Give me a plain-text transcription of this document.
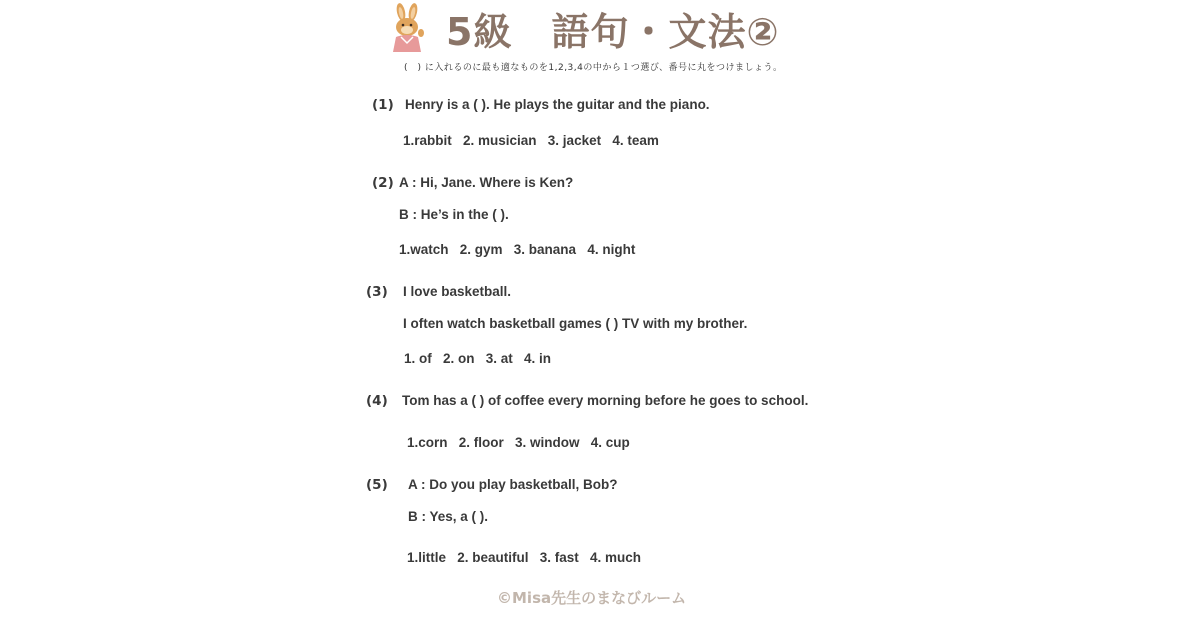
5級　語句・文法②
(　) に入れるのに最も適なものを1,2,3,4の中から１つ選び、番号に丸をつけましょう。
(1) Henry is a ( ). He plays the guitar and the piano.
1.rabbit   2. musician   3. jacket   4. team
(2) A : Hi, Jane. Where is Ken?
B : He’s in the ( ).
1.watch   2. gym   3. banana   4. night
(3) I love basketball.
I often watch basketball games ( ) TV with my brother.
1. of   2. on   3. at   4. in
(4) Tom has a ( ) of coffee every morning before he goes to school.
1.corn   2. floor   3. window   4. cup
(5) A : Do you play basketball, Bob?
B : Yes, a ( ).
1.little   2. beautiful   3. fast   4. much
©Misa先生のまなびルーム
